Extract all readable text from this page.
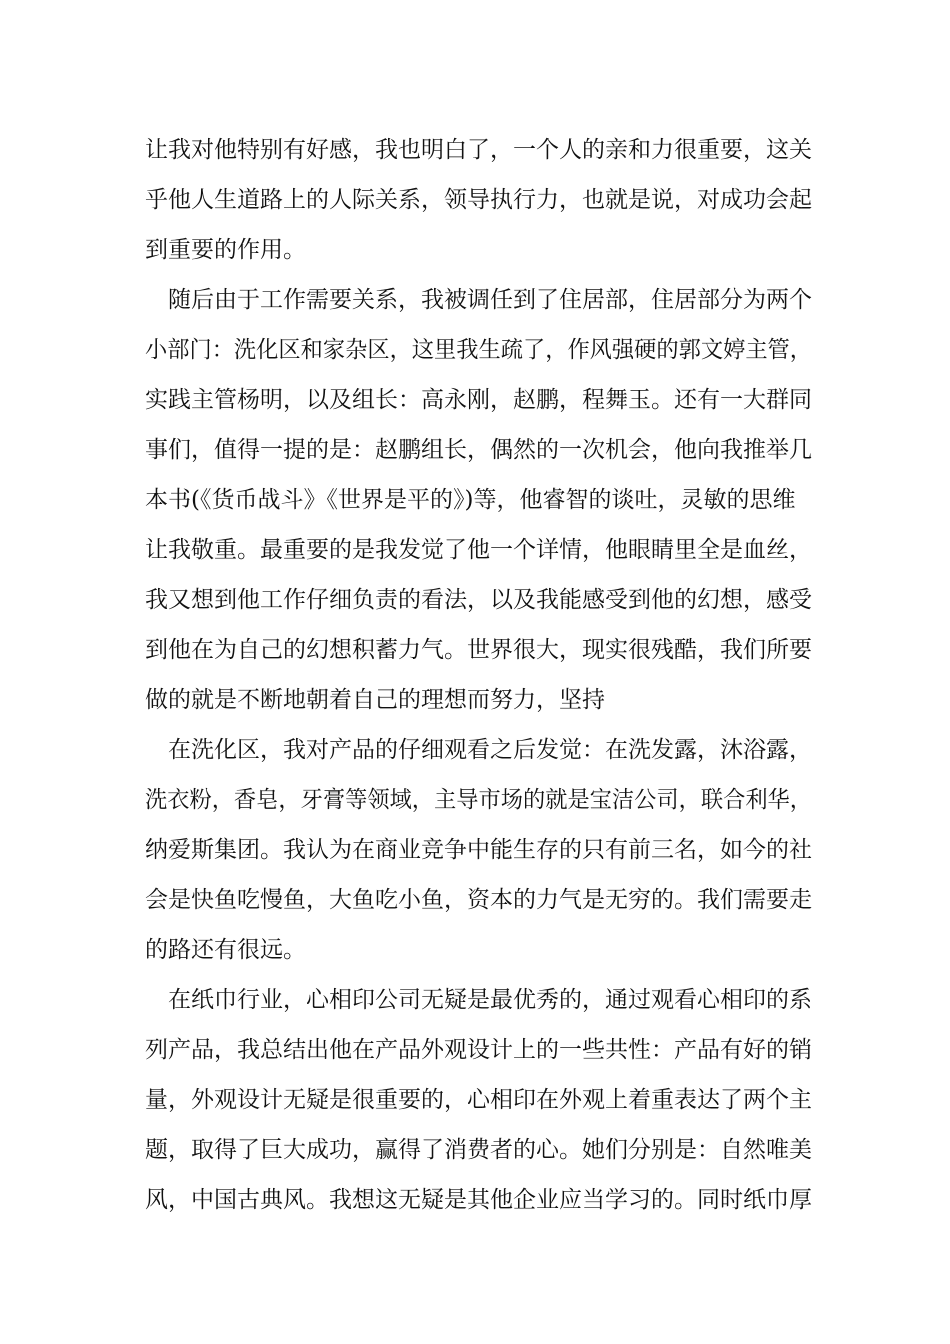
让我对他特别有好感，我也明白了，一个人的亲和力很重要，这关
乎他人生道路上的人际关系，领导执行力，也就是说，对成功会起
到重要的作用。
随后由于工作需要关系，我被调任到了住居部，住居部分为两个
小部门：洗化区和家杂区，这里我生疏了，作风强硬的郭文婷主管，
实践主管杨明，以及组长：高永刚，赵鹏，程舞玉。还有一大群同
事们，值得一提的是：赵鹏组长，偶然的一次机会，他向我推举几
本书(《货币战斗》《世界是平的》)等，他睿智的谈吐，灵敏的思维
让我敬重。最重要的是我发觉了他一个详情，他眼睛里全是血丝，
我又想到他工作仔细负责的看法，以及我能感受到他的幻想，感受
到他在为自己的幻想积蓄力气。世界很大，现实很残酷，我们所要
做的就是不断地朝着自己的理想而努力，坚持
在洗化区，我对产品的仔细观看之后发觉：在洗发露，沐浴露，
洗衣粉，香皂，牙膏等领域，主导市场的就是宝洁公司，联合利华，
纳爱斯集团。我认为在商业竞争中能生存的只有前三名，如今的社
会是快鱼吃慢鱼，大鱼吃小鱼，资本的力气是无穷的。我们需要走
的路还有很远。
在纸巾行业，心相印公司无疑是最优秀的，通过观看心相印的系
列产品，我总结出他在产品外观设计上的一些共性：产品有好的销
量，外观设计无疑是很重要的，心相印在外观上着重表达了两个主
题，取得了巨大成功，赢得了消费者的心。她们分别是：自然唯美
风，中国古典风。我想这无疑是其他企业应当学习的。同时纸巾厚
